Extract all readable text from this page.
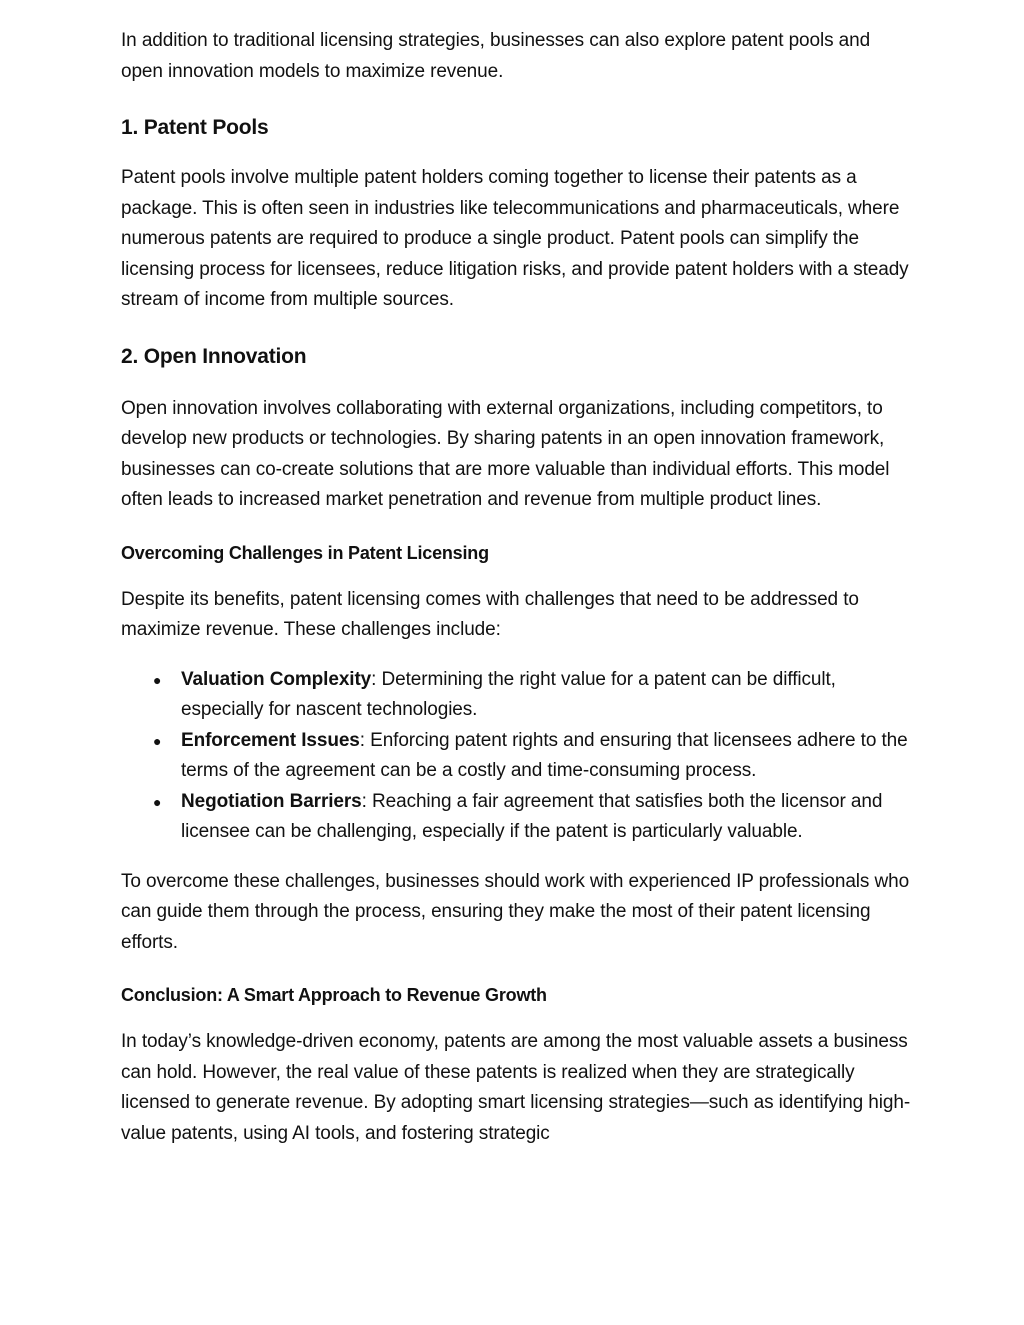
In addition to traditional licensing strategies, businesses can also explore patent pools and open innovation models to maximize revenue.

1. Patent Pools

Patent pools involve multiple patent holders coming together to license their patents as a package. This is often seen in industries like telecommunications and pharmaceuticals, where numerous patents are required to produce a single product. Patent pools can simplify the licensing process for licensees, reduce litigation risks, and provide patent holders with a steady stream of income from multiple sources.

2. Open Innovation

Open innovation involves collaborating with external organizations, including competitors, to develop new products or technologies. By sharing patents in an open innovation framework, businesses can co-create solutions that are more valuable than individual efforts. This model often leads to increased market penetration and revenue from multiple product lines.

Overcoming Challenges in Patent Licensing

Despite its benefits, patent licensing comes with challenges that need to be addressed to maximize revenue. These challenges include:

● Valuation Complexity: Determining the right value for a patent can be difficult, especially for nascent technologies.
● Enforcement Issues: Enforcing patent rights and ensuring that licensees adhere to the terms of the agreement can be a costly and time-consuming process.
● Negotiation Barriers: Reaching a fair agreement that satisfies both the licensor and licensee can be challenging, especially if the patent is particularly valuable.

To overcome these challenges, businesses should work with experienced IP professionals who can guide them through the process, ensuring they make the most of their patent licensing efforts.

Conclusion: A Smart Approach to Revenue Growth

In today’s knowledge-driven economy, patents are among the most valuable assets a business can hold. However, the real value of these patents is realized when they are strategically licensed to generate revenue. By adopting smart licensing strategies—such as identifying high-value patents, using AI tools, and fostering strategic
